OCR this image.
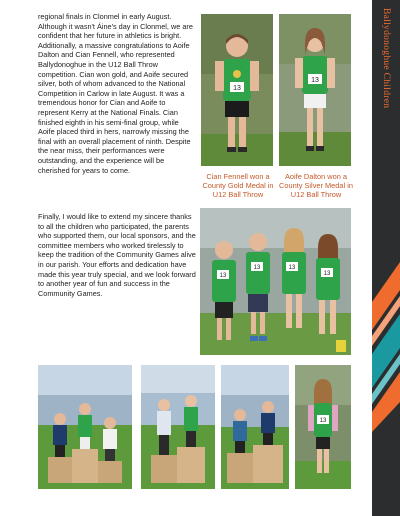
regional finals in Clonmel in early August. Although it wasn't Áine's day in Clonmel, we are confident that her future in athletics is bright. Additionally, a massive congratulations to Aoife Dalton and Cian Fennell, who represented Ballydonoghue in the U12 Ball Throw competition. Cian won gold, and Aoife secured silver, both of whom advanced to the National Competition in Carlow in late August. It was a tremendous honor for Cian and Aoife to represent Kerry at the National Finals. Cian finished eighth in his semi-final group, while Aoife placed third in hers, narrowly missing the final with an overall placement of ninth. Despite the near miss, their performances were outstanding, and the experience will be cherished for years to come.

Finally, I would like to extend my sincere thanks to all the children who participated, the parents who supported them, our local sponsors, and the committee members who worked tirelessly to keep the tradition of the Community Games alive in our parish. Your efforts and dedication have made this year truly special, and we look forward to another year of fun and success in the Community Games.

13
13
Cian Fennell won a County Gold Medal in U12 Ball Throw
Aoife Dalton won a County Silver Medal in U12 Ball Throw
13
13	13
13
13
Ballydonoghue Children
